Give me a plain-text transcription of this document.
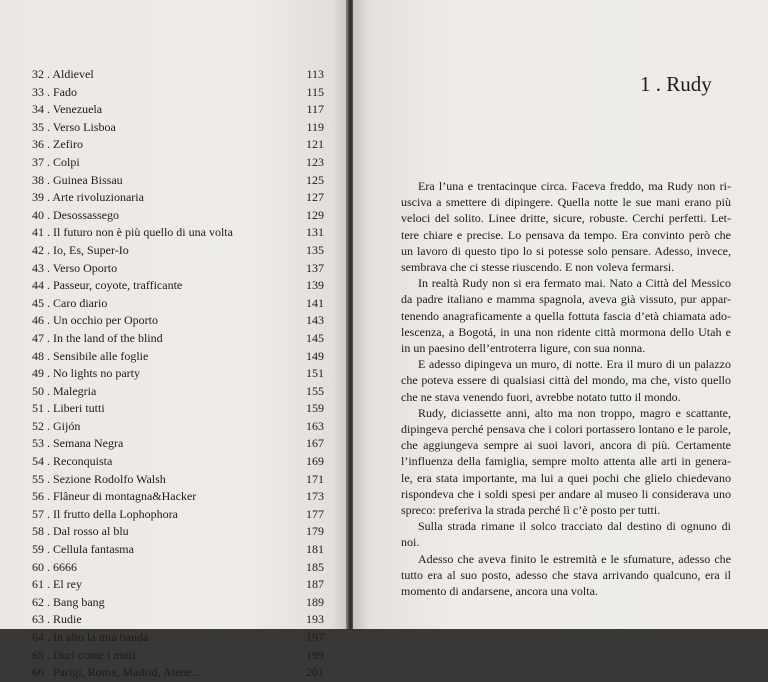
32 . Aldievel	113
33 . Fado	115
34 . Venezuela	117
35 . Verso Lisboa	119
36 . Zefiro	121
37 . Colpi	123
38 . Guinea Bissau	125
39 . Arte rivoluzionaria	127
40 . Desossassego	129
41 . Il futuro non è più quello di una volta	131
42 . Io, Es, Super-Io	135
43 . Verso Oporto	137
44 . Passeur, coyote, trafficante	139
45 . Caro diario	141
46 . Un occhio per Oporto	143
47 . In the land of the blind	145
48 . Sensibile alle foglie	149
49 . No lights no party	151
50 . Malegria	155
51 . Liberi tutti	159
52 . Gijón	163
53 . Semana Negra	167
54 . Reconquista	169
55 . Sezione Rodolfo Walsh	171
56 . Flâneur di montagna&Hacker	173
57 . Il frutto della Lophophora	177
58 . Dal rosso al blu	179
59 . Cellula fantasma	181
60 . 6666	185
61 . El rey	187
62 . Bang bang	189
63 . Rudie	193
64 . In alto la mia banda	197
65 . Duri come i muri	199
66 . Parigi, Roma, Madrid, Atene...	201
1 . Rudy

Era l’una e trentacinque circa. Faceva freddo, ma Rudy non ri-
usciva a smettere di dipingere. Quella notte le sue mani erano più
veloci del solito. Linee dritte, sicure, robuste. Cerchi perfetti. Let-
tere chiare e precise. Lo pensava da tempo. Era convinto però che
un lavoro di questo tipo lo si potesse solo pensare. Adesso, invece,
sembrava che ci stesse riuscendo. E non voleva fermarsi.

In realtà Rudy non si era fermato mai. Nato a Città del Messico
da padre italiano e mamma spagnola, aveva già vissuto, pur appar-
tenendo anagraficamente a quella fottuta fascia d’età chiamata ado-
lescenza, a Bogotá, in una non ridente città mormona dello Utah e
in un paesino dell’entroterra ligure, con sua nonna.

E adesso dipingeva un muro, di notte. Era il muro di un palazzo
che poteva essere di qualsiasi città del mondo, ma che, visto quello
che ne stava venendo fuori, avrebbe notato tutto il mondo.

Rudy, diciassette anni, alto ma non troppo, magro e scattante,
dipingeva perché pensava che i colori portassero lontano e le parole,
che aggiungeva sempre ai suoi lavori, ancora di più. Certamente
l’influenza della famiglia, sempre molto attenta alle arti in genera-
le, era stata importante, ma lui a quei pochi che glielo chiedevano
rispondeva che i soldi spesi per andare al museo li considerava uno
spreco: preferiva la strada perché lì c’è posto per tutti.

Sulla strada rimane il solco tracciato dal destino di ognuno di
noi.

Adesso che aveva finito le estremità e le sfumature, adesso che
tutto era al suo posto, adesso che stava arrivando qualcuno, era il
momento di andarsene, ancora una volta.
